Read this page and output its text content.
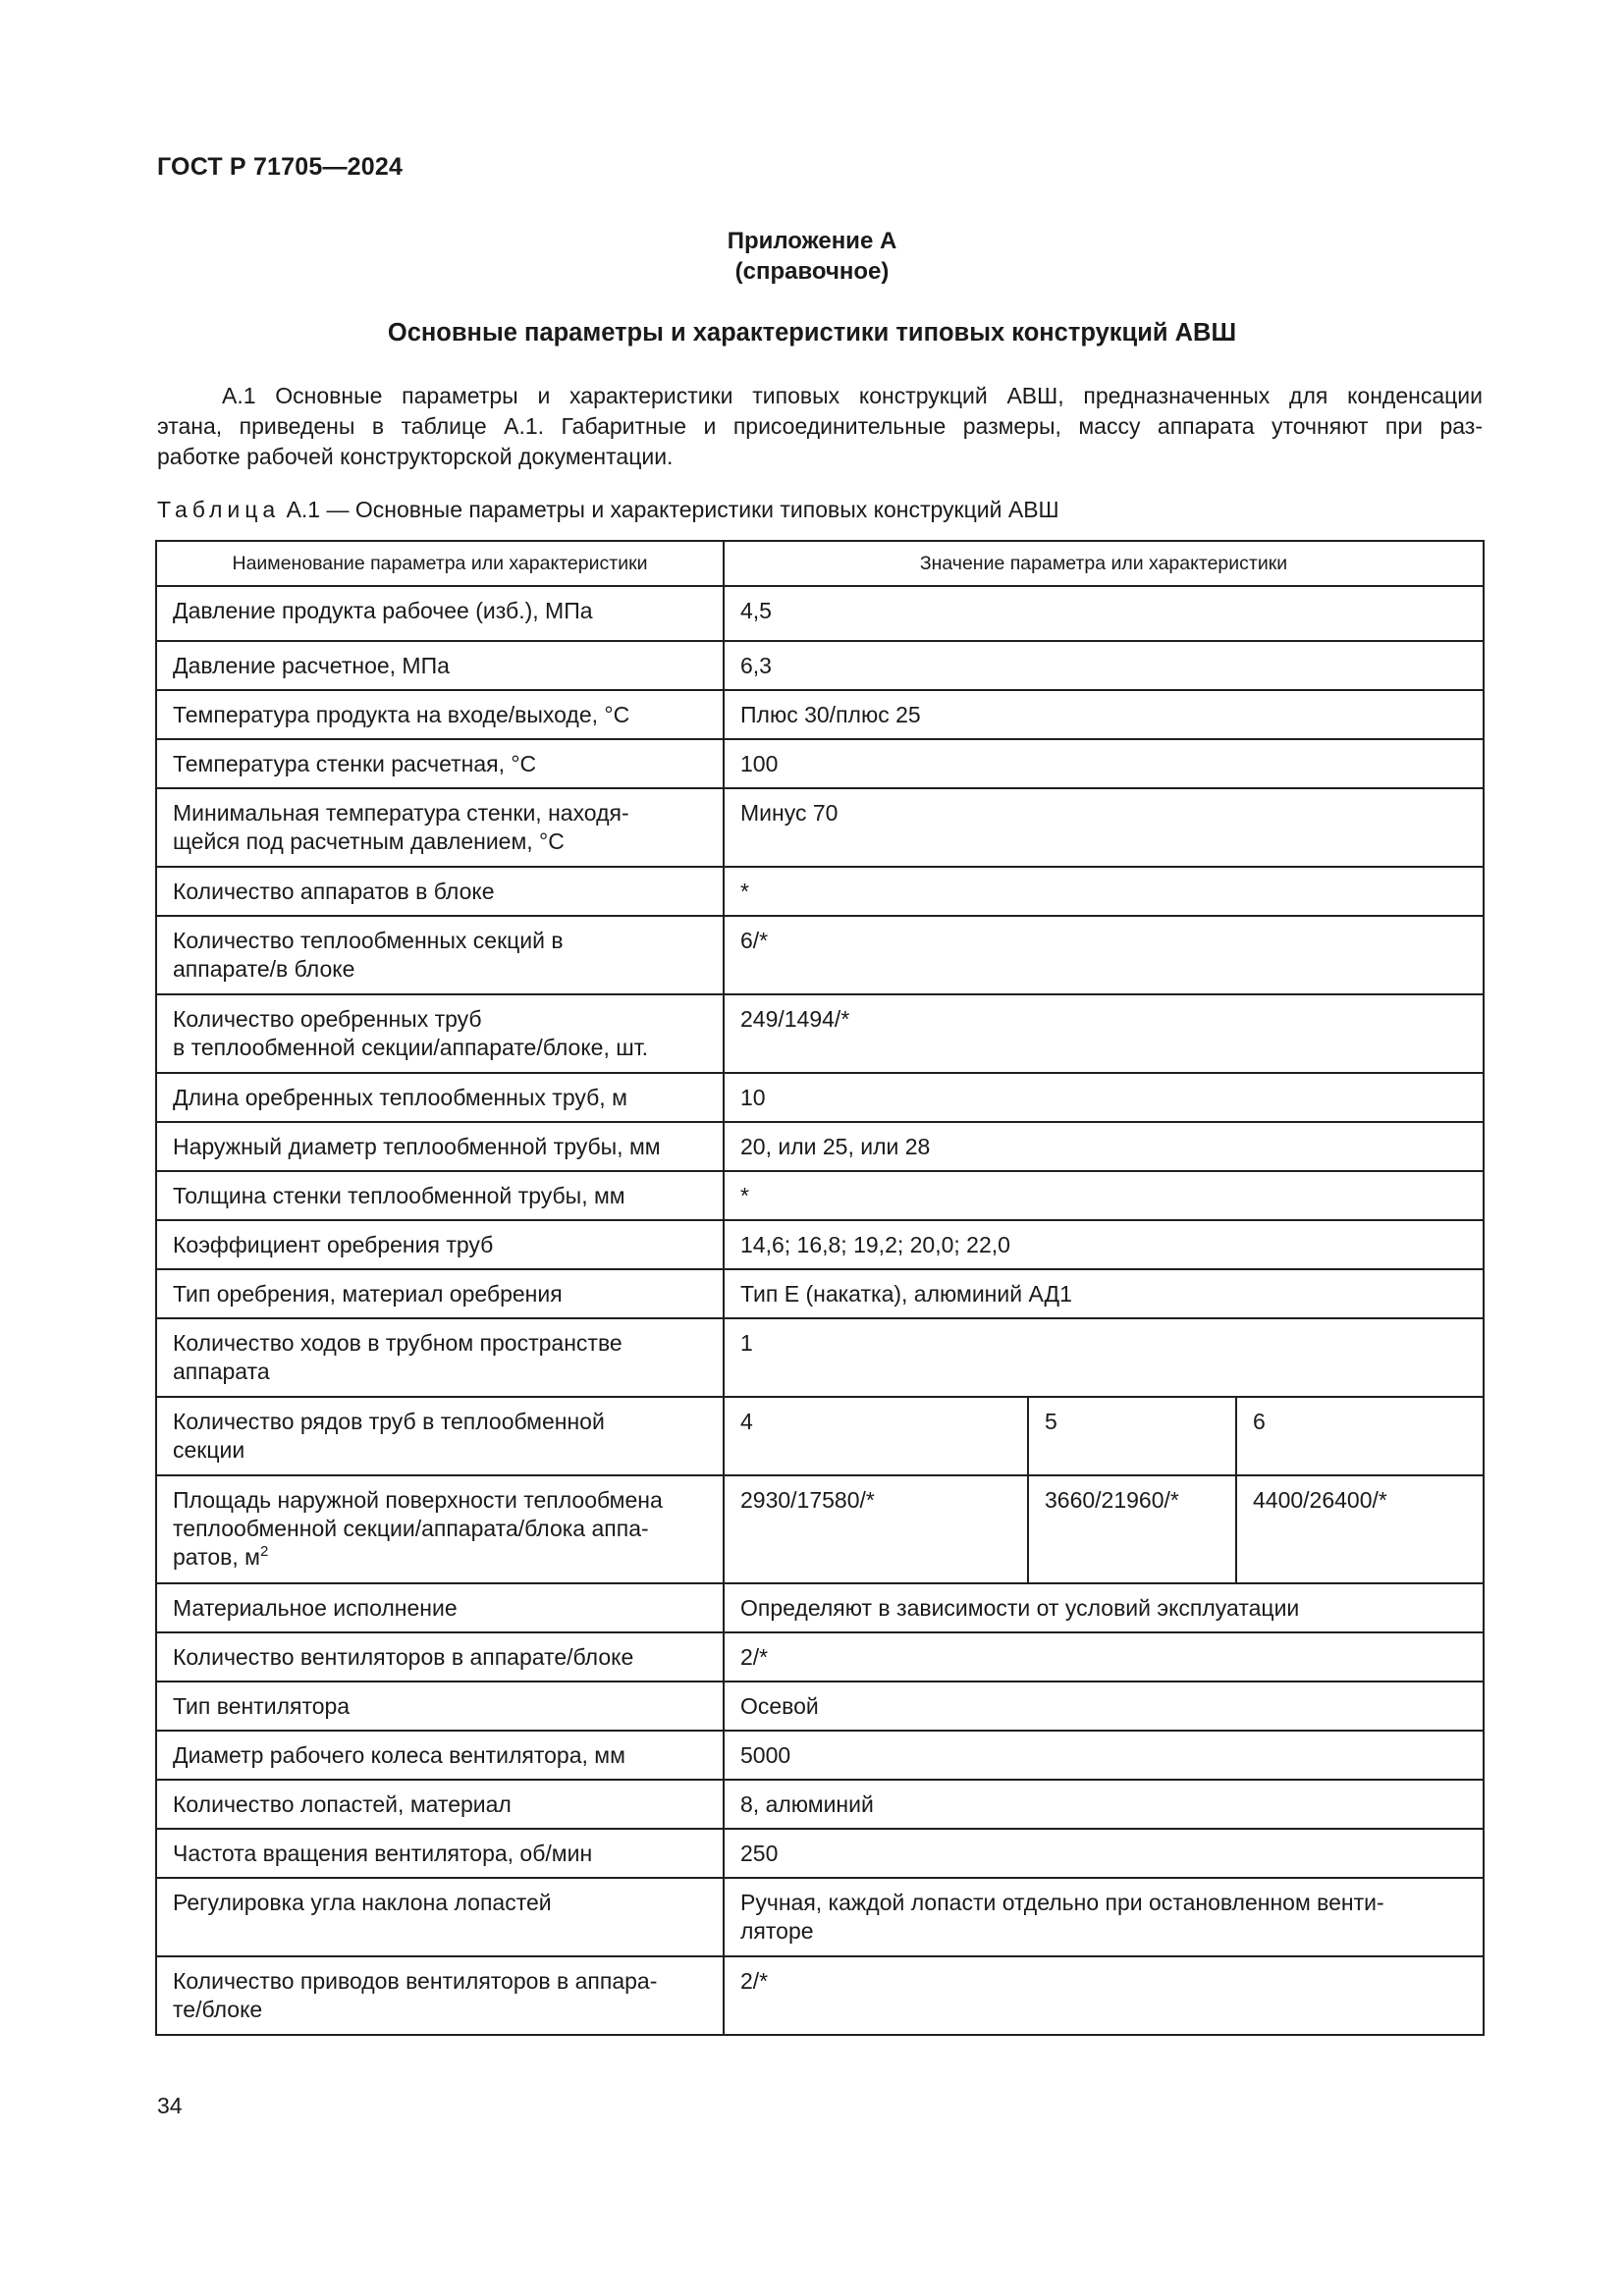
ГОСТ Р 71705—2024
Приложение А
(справочное)
Основные параметры и характеристики типовых конструкций АВШ

А.1 Основные параметры и характеристики типовых конструкций АВШ, предназначенных для конденсации
этана, приведены в таблице А.1. Габаритные и присоединительные размеры, массу аппарата уточняют при раз-
работке рабочей конструкторской документации.

Таблица А.1 — Основные параметры и характеристики типовых конструкций АВШ
Наименование параметра или характеристики	Значение параметра или характеристики		
Давление продукта рабочее (изб.), МПа	4,5		
Давление расчетное, МПа	6,3		
Температура продукта на входе/выходе, °С	Плюс 30/плюс 25		
Температура стенки расчетная, °С	100		
Минимальная температура стенки, находя-
щейся под расчетным давлением, °С	Минус 70		
Количество аппаратов в блоке	*		
Количество теплообменных секций в
аппарате/в блоке	6/*		
Количество оребренных труб
в теплообменной секции/аппарате/блоке, шт.	249/1494/*		
Длина оребренных теплообменных труб, м	10		
Наружный диаметр теплообменной трубы, мм	20, или 25, или 28		
Толщина стенки теплообменной трубы, мм	*		
Коэффициент оребрения труб	14,6; 16,8; 19,2; 20,0; 22,0		
Тип оребрения, материал оребрения	Тип Е (накатка), алюминий АД1		
Количество ходов в трубном пространстве
аппарата	1		
Количество рядов труб в теплообменной
секции	4	5	6
Площадь наружной поверхности теплообмена
теплообменной секции/аппарата/блока аппа-
ратов, $м^2$	2930/17580/*	3660/21960/*	4400/26400/*
Материальное исполнение	Определяют в зависимости от условий эксплуатации		
Количество вентиляторов в аппарате/блоке	2/*		
Тип вентилятора	Осевой		
Диаметр рабочего колеса вентилятора, мм	5000		
Количество лопастей, материал	8, алюминий		
Частота вращения вентилятора, об/мин	250		
Регулировка угла наклона лопастей	Ручная, каждой лопасти отдельно при остановленном венти-
ляторе		
Количество приводов вентиляторов в аппара-
те/блоке	2/*		
34
